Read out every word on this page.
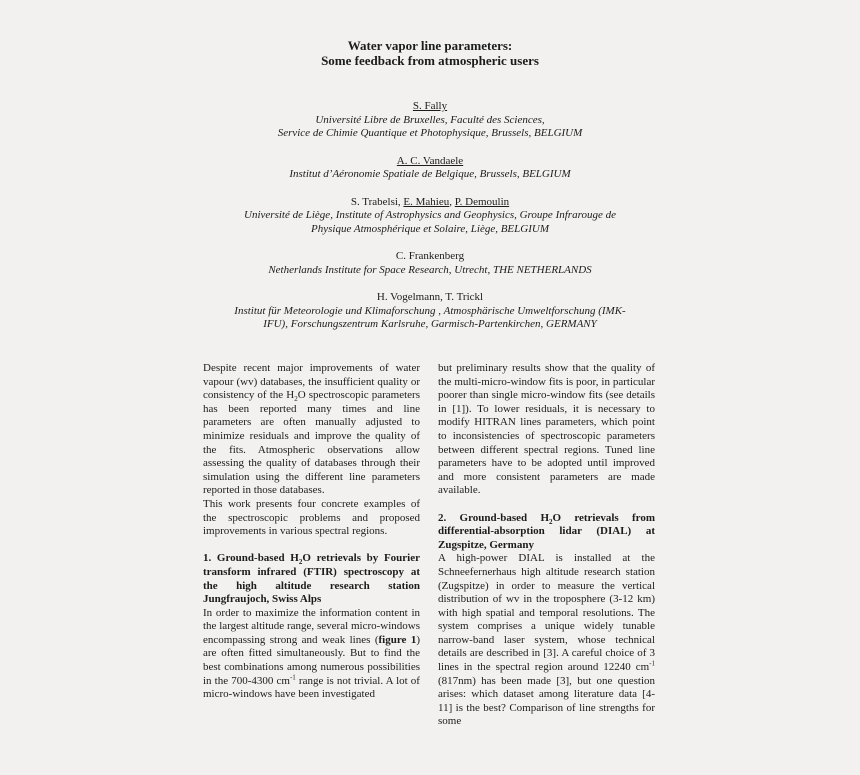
Water vapor line parameters:
Some feedback from atmospheric users
S. Fally
Université Libre de Bruxelles, Faculté des Sciences,
Service de Chimie Quantique et Photophysique, Brussels, BELGIUM
A. C. Vandaele
Institut d’Aéronomie Spatiale de Belgique, Brussels, BELGIUM
S. Trabelsi, E. Mahieu, P. Demoulin
Université de Liège, Institute of Astrophysics and Geophysics, Groupe Infrarouge de
Physique Atmosphérique et Solaire, Liège, BELGIUM
C. Frankenberg
Netherlands Institute for Space Research, Utrecht, THE NETHERLANDS
H. Vogelmann, T. Trickl
Institut für Meteorologie und Klimaforschung , Atmosphärische Umweltforschung (IMK-
IFU), Forschungszentrum Karlsruhe, Garmisch-Partenkirchen, GERMANY

Despite recent major improvements of water vapour (wv) databases, the insufficient quality or consistency of the $H_2O$ spectroscopic parameters has been reported many times and line parameters are often manually adjusted to minimize residuals and improve the quality of the fits. Atmospheric observations allow assessing the quality of databases through their simulation using the different line parameters reported in those databases.

This work presents four concrete examples of the spectroscopic problems and proposed improvements in various spectral regions.

1. Ground-based $H_2O$ retrievals by Fourier transform infrared (FTIR) spectroscopy at the high altitude research station Jungfraujoch, Swiss Alps

In order to maximize the information content in the largest altitude range, several micro-windows encompassing strong and weak lines (figure 1) are often fitted simultaneously. But to find the best combinations among numerous possibilities in the 700-4300 $cm^{-1}$ range is not trivial. A lot of micro-windows have been investigated

but preliminary results show that the quality of the multi-micro-window fits is poor, in particular poorer than single micro-window fits (see details in [1]). To lower residuals, it is necessary to modify HITRAN lines parameters, which point to inconsistencies of spectroscopic parameters between different spectral regions. Tuned line parameters have to be adopted until improved and more consistent parameters are made available.

2. Ground-based $H_2O$ retrievals from differential-absorption lidar (DIAL) at Zugspitze, Germany

A high-power DIAL is installed at the Schneefernerhaus high altitude research station (Zugspitze) in order to measure the vertical distribution of wv in the troposphere (3-12 km) with high spatial and temporal resolutions. The system comprises a unique widely tunable narrow-band laser system, whose technical details are described in [3]. A careful choice of 3 lines in the spectral region around 12240 $cm^{-1}$ (817nm) has been made [3], but one question arises: which dataset among literature data [4-11] is the best? Comparison of line strengths for some
